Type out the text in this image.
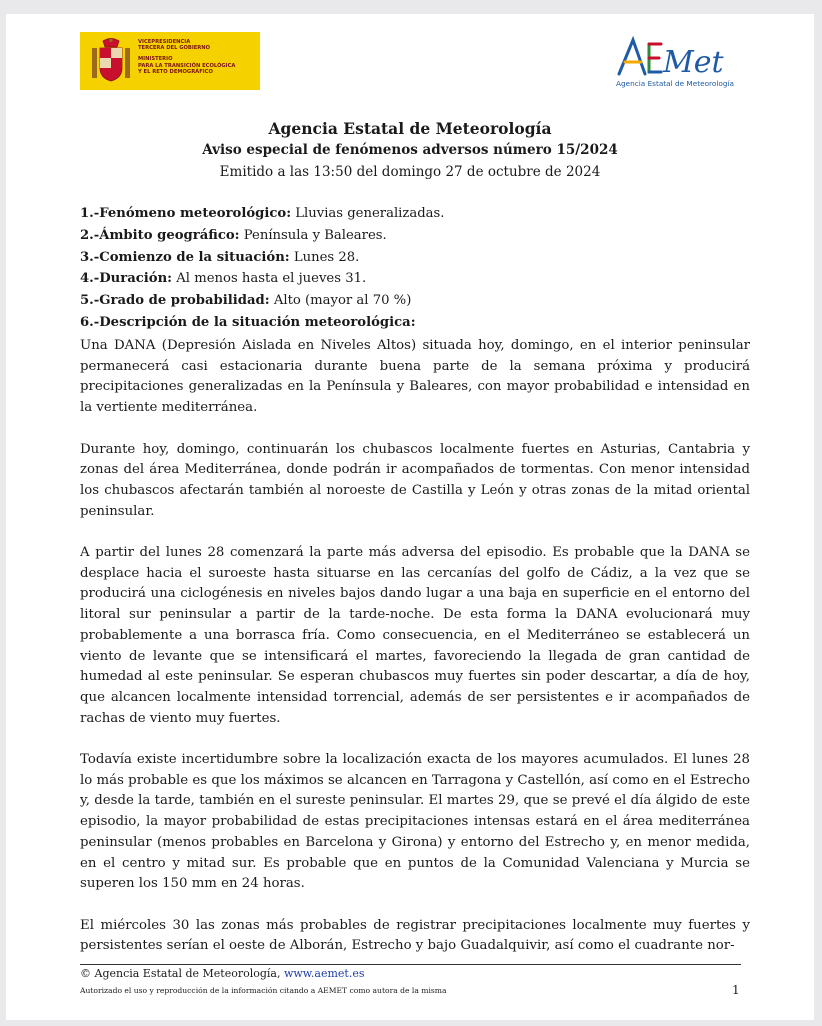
VICEPRESIDENCIA
TERCERA DEL GOBIERNO
MINISTERIO
PARA LA TRANSICIÓN ECOLÓGICA
Y EL RETO DEMOGRÁFICO	Met
Agencia Estatal de Meteorología
Agencia Estatal de Meteorología
Aviso especial de fenómenos adversos número 15/2024
Emitido a las 13:50 del domingo 27 de octubre de 2024
1.-Fenómeno meteorológico: Lluvias generalizadas.
2.-Ámbito geográfico: Península y Baleares.
3.-Comienzo de la situación: Lunes 28.
4.-Duración: Al menos hasta el jueves 31.
5.-Grado de probabilidad: Alto (mayor al 70 %)
6.-Descripción de la situación meteorológica:

Una DANA (Depresión Aislada en Niveles Altos) situada hoy, domingo, en el interior peninsular permanecerá casi estacionaria durante buena parte de la semana próxima y producirá precipitaciones generalizadas en la Península y Baleares, con mayor probabilidad e intensidad en la vertiente mediterránea.

Durante hoy, domingo, continuarán los chubascos localmente fuertes en Asturias, Cantabria y zonas del área Mediterránea, donde podrán ir acompañados de tormentas. Con menor intensidad los chubascos afectarán también al noroeste de Castilla y León y otras zonas de la mitad oriental peninsular.

A partir del lunes 28 comenzará la parte más adversa del episodio. Es probable que la DANA se desplace hacia el suroeste hasta situarse en las cercanías del golfo de Cádiz, a la vez que se producirá una ciclogénesis en niveles bajos dando lugar a una baja en superficie en el entorno del litoral sur peninsular a partir de la tarde-noche. De esta forma la DANA evolucionará muy probablemente a una borrasca fría. Como consecuencia, en el Mediterráneo se establecerá un viento de levante que se intensificará el martes, favoreciendo la llegada de gran cantidad de humedad al este peninsular. Se esperan chubascos muy fuertes sin poder descartar, a día de hoy, que alcancen localmente intensidad torrencial, además de ser persistentes e ir acompañados de rachas de viento muy fuertes.

Todavía existe incertidumbre sobre la localización exacta de los mayores acumulados. El lunes 28 lo más probable es que los máximos se alcancen en Tarragona y Castellón, así como en el Estrecho y, desde la tarde, también en el sureste peninsular. El martes 29, que se prevé el día álgido de este episodio, la mayor probabilidad de estas precipitaciones intensas estará en el área mediterránea peninsular (menos probables en Barcelona y Girona) y entorno del Estrecho y, en menor medida, en el centro y mitad sur. Es probable que en puntos de la Comunidad Valenciana y Murcia se superen los 150 mm en 24 horas.

El miércoles 30 las zonas más probables de registrar precipitaciones localmente muy fuertes y persistentes serían el oeste de Alborán, Estrecho y bajo Guadalquivir, así como el cuadrante nor-

© Agencia Estatal de Meteorología, www.aemet.es
Autorizado el uso y reproducción de la información citando a AEMET como autora de la misma	1
